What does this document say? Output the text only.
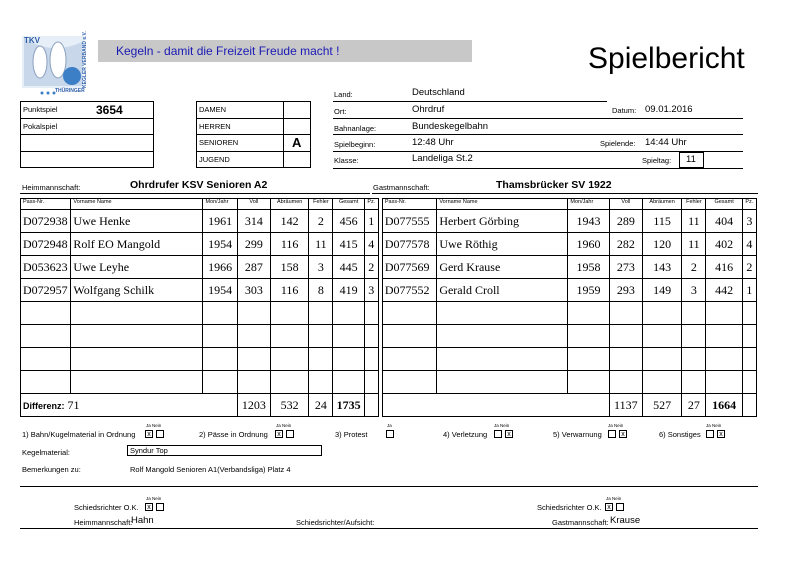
TKV
THÜRINGER
KEGLER VERBAND e.V. Kegeln - damit die Freizeit Freude macht !	Spielbericht
Punktspiel	3654
Pokalspiel
DAMEN
HERREN
SENIOREN	A
JUGEND
Land:	Deutschland
Ort:	Ohrdruf	Datum: 09.01.2016
Bahnanlage:	Bundeskegelbahn
Spielbeginn:	12:48 Uhr	Spielende: 14:44 Uhr
Klasse:	Landeliga St.2	Spieltag: 11
Heimmannschaft:	Ohrdrufer KSV Senioren A2	Gastmannschaft:	Thamsbrücker SV 1922
Pass-Nr.	Vorname Name	Mon/Jahr	Voll	Abräumen	Fehler	Gesamt	Pz.		Pass-Nr.	Vorname Name	Mon/Jahr	Voll	Abräumen	Fehler	Gesamt	Pz.
D072938	Uwe Henke	1961	314	142	2	456	1		D077555	Herbert Görbing	1943	289	115	11	404	3
D072948	Rolf EO Mangold	1954	299	116	11	415	4		D077578	Uwe Röthig	1960	282	120	11	402	4
D053623	Uwe Leyhe	1966	287	158	3	445	2		D077569	Gerd Krause	1958	273	143	2	416	2
D072957	Wolfgang Schilk	1954	303	116	8	419	3		D077552	Gerald Croll	1959	293	149	3	442	1

Differenz: 71			1203	532	24	1735						1137	527	27	1664	
Ja Nein
1) Bahn/Kugelmaterial in Ordnung	x
Ja Nein
2) Pässe in Ordnung	x
Ja
3) Protest
Ja Nein
4) Verletzung	x
Ja Nein
5) Verwarnung	x
Ja Nein
6) Sonstiges	x
Kegelmaterial:	Syndur Top
Bemerkungen zu:	Rolf Mangold Senioren A1(Verbandsliga) Platz 4
Ja Nein
Schiedsrichter O.K.	x
Ja Nein
Schiedsrichter O.K. x
Heimmannschaft:
Hahn	Schiedsrichter/Aufsicht:	Gastmannschaft: Krause
